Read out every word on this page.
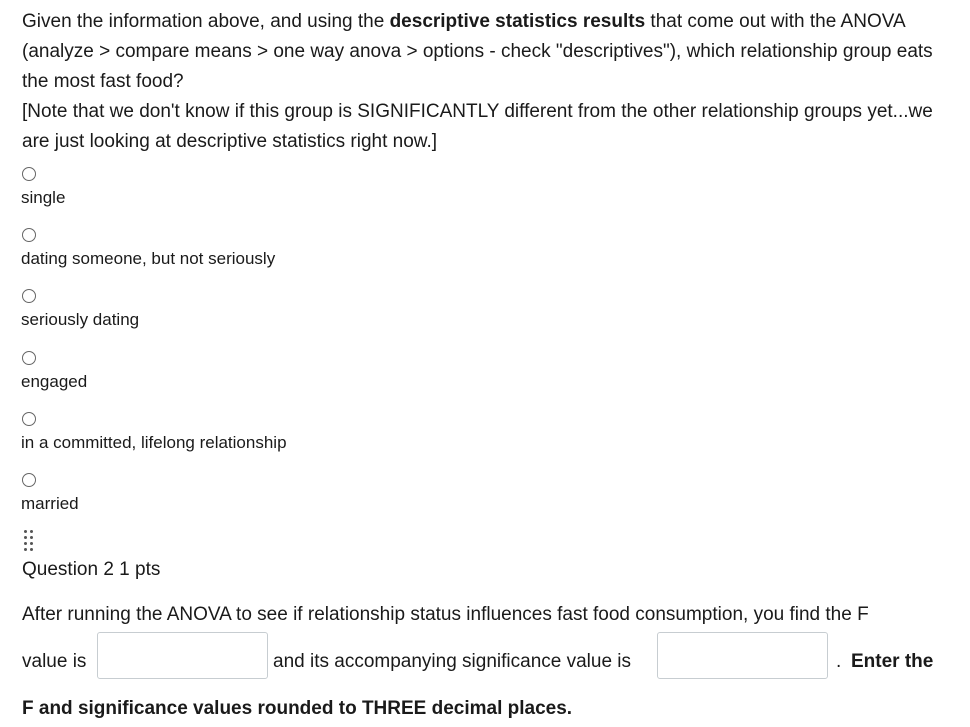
Given the information above, and using the descriptive statistics results that come out with the ANOVA (analyze > compare means > one way anova > options - check "descriptives"), which relationship group eats the most fast food?

[Note that we don't know if this group is SIGNIFICANTLY different from the other relationship groups yet...we are just looking at descriptive statistics right now.]

single
dating someone, but not seriously
seriously dating
engaged
in a committed, lifelong relationship
married
Question 2 1 pts
After running the ANOVA to see if relationship status influences fast food consumption, you find the F
value is	and its accompanying significance value is	. Enter the
F and significance values rounded to THREE decimal places.
